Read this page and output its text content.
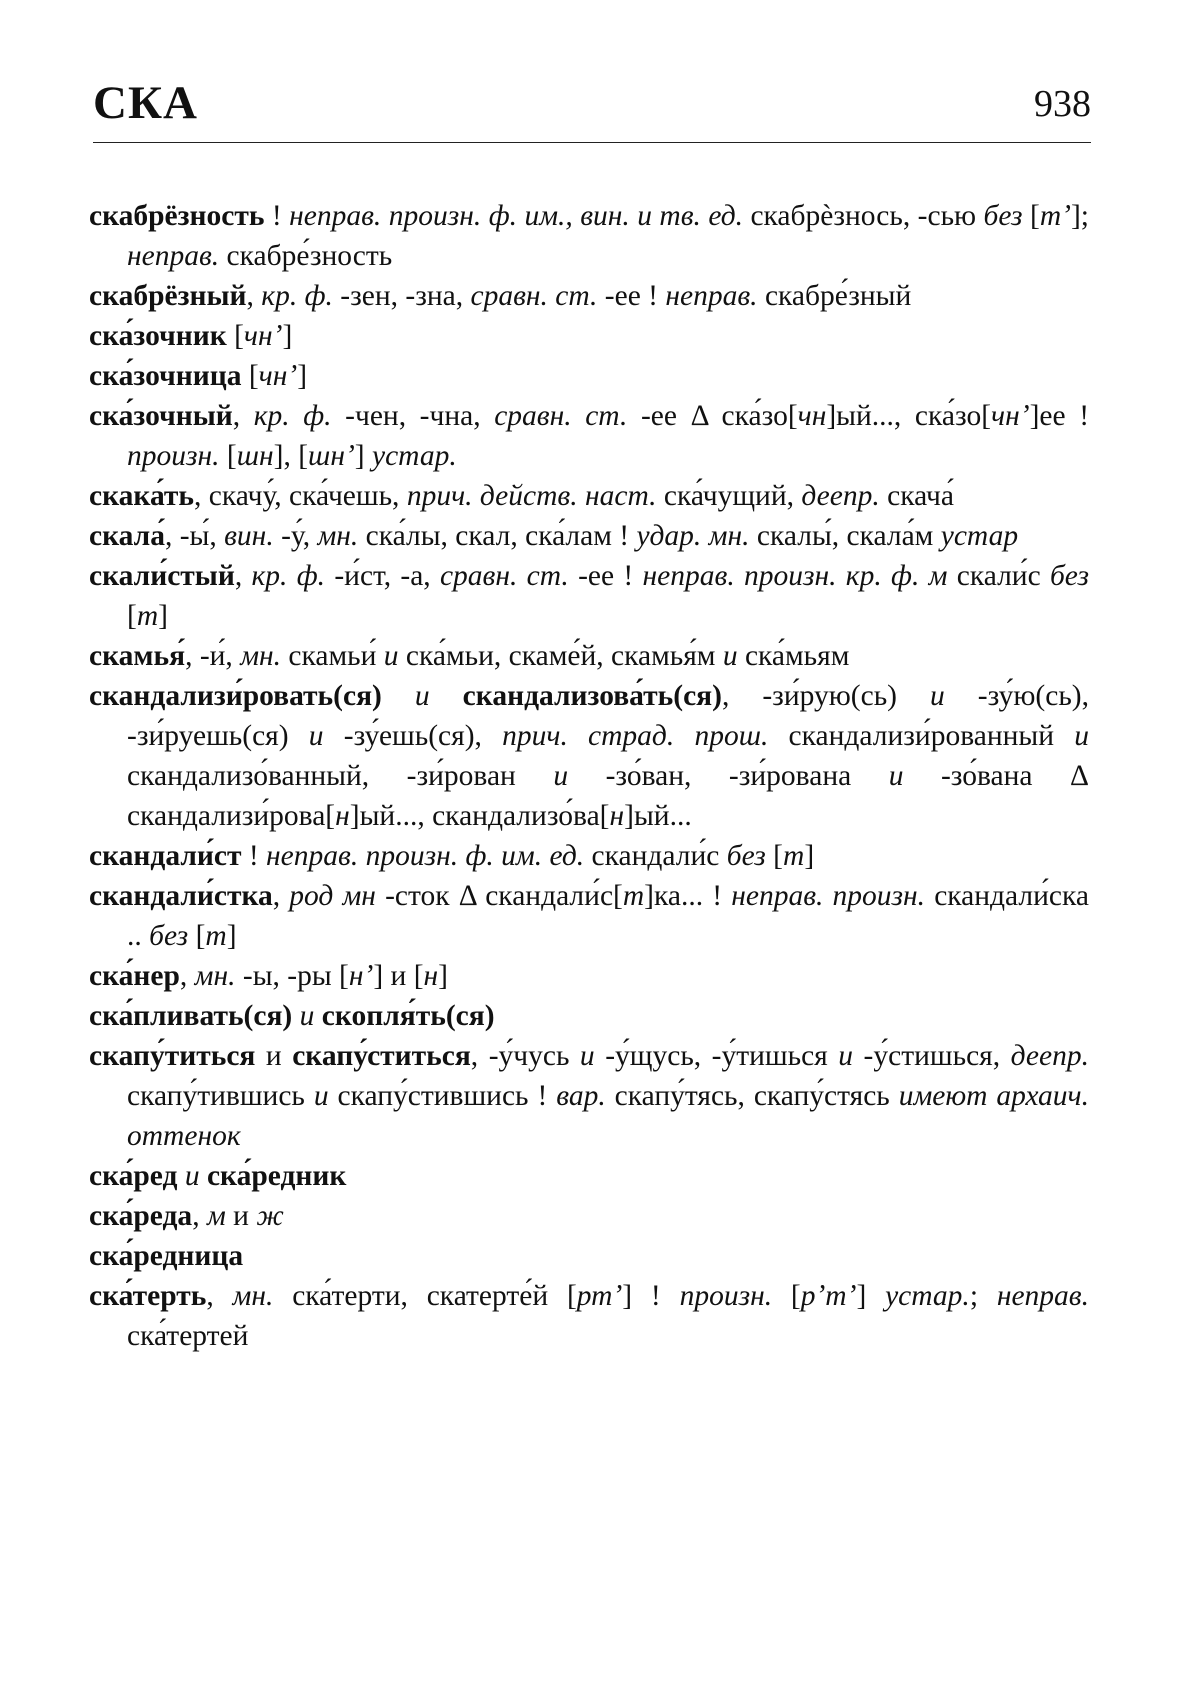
СКА	938

скабрёзность ! неправ. произн. ф. им., вин. и тв. ед. скабрѐзнось, -сью без [тʼ]; неправ. скабре́зность

скабрёзный, кр. ф. -зен, -зна, сравн. ст. -ее ! неправ. скабре́зный

ска́зочник [чнʼ]

ска́зочница [чнʼ]

ска́зочный, кр. ф. -чен, -чна, сравн. ст. -ее Δ ска́зо[чн]ый..., ска́зо[чнʼ]ее ! произн. [шн], [шнʼ] устар.

скака́ть, скачу́, ска́чешь, прич. действ. наст. ска́чущий, деепр. скача́

скала́, -ы́, вин. -у́, мн. ска́лы, скал, ска́лам ! удар. мн. скалы́, скала́м устар

скали́стый, кр. ф. -и́ст, -а, сравн. ст. -ее ! неправ. произн. кр. ф. м скали́с без [т]

скамья́, -и́, мн. скамьи́ и ска́мьи, скаме́й, скамья́м и ска́мьям

скандализи́ровать(ся) и скандализова́ть(ся), -зи́рую(сь) и -зу́ю(сь), -зи́руешь(ся) и -зу́ешь(ся), прич. страд. прош. скандализи́рованный и скандализо́ванный, -зи́рован и -зо́ван, -зи́рована и -зо́вана Δ скандализи́рова[н]ый..., скандализо́ва[н]ый...

скандали́ст ! неправ. произн. ф. им. ед. скандали́с без [т]

скандали́стка, род мн -сток Δ скандали́с[т]ка... ! неправ. произн. скандали́ска .. без [т]

ска́нер, мн. -ы, -ры [нʼ] и [н]

ска́пливать(ся) и скопля́ть(ся)

скапу́титься и скапу́ститься, -у́чусь и -у́щусь, -у́тишься и -у́стишься, деепр. скапу́тившись и скапу́стившись ! вар. скапу́тясь, скапу́стясь имеют архаич. оттенок

ска́ред и ска́редник

ска́реда, м и ж

ска́редница

ска́терть, мн. ска́терти, скатерте́й [ртʼ] ! произн. [рʼтʼ] устар.; неправ. ска́тертей
